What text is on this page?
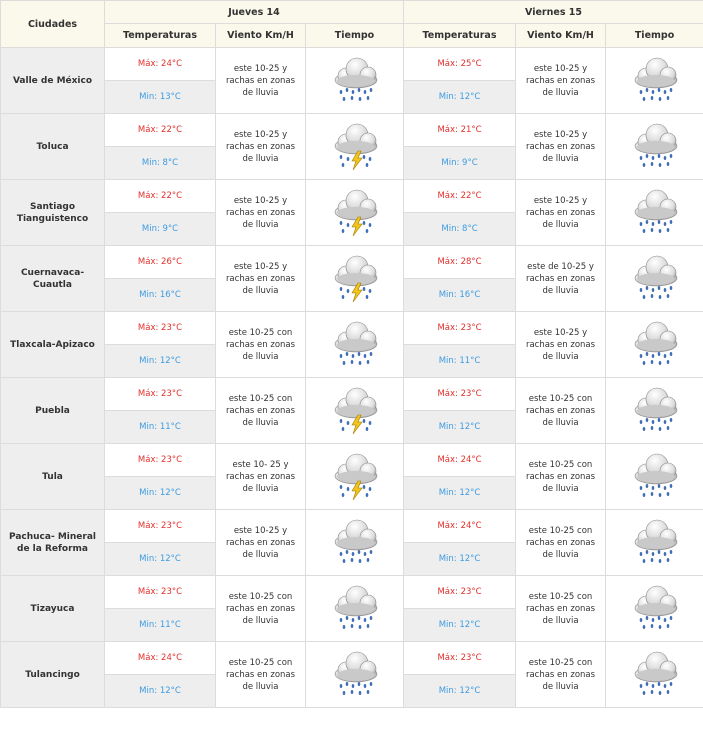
Ciudades	Jueves 14			Viernes 15		
	Temperaturas	Viento Km/H	Tiempo	Temperaturas	Viento Km/H	Tiempo
Valle de México	Máx: 24°C	este 10-25 y rachas en zonas de lluvia		Máx: 25°C	este 10-25 y rachas en zonas de lluvia	

	Min: 13°C			Min: 12°C		
Toluca	Máx: 22°C	este 10-25 y rachas en zonas de lluvia		Máx: 21°C	este 10-25 y rachas en zonas de lluvia	

	Min: 8°C			Min: 9°C		
Santiago Tianguistenco	Máx: 22°C	este 10-25 y rachas en zonas de lluvia		Máx: 22°C	este 10-25 y rachas en zonas de lluvia	

	Min: 9°C			Min: 8°C		
Cuernavaca-Cuautla	Máx: 26°C	este 10-25 y rachas en zonas de lluvia		Máx: 28°C	este de 10-25 y rachas en zonas de lluvia	

	Min: 16°C			Min: 16°C		
Tlaxcala-Apizaco	Máx: 23°C	este 10-25 con rachas en zonas de lluvia		Máx: 23°C	este 10-25 y rachas en zonas de lluvia	

	Min: 12°C			Min: 11°C		
Puebla	Máx: 23°C	este 10-25 con rachas en zonas de lluvia		Máx: 23°C	este 10-25 con rachas en zonas de lluvia	

	Min: 11°C			Min: 12°C		
Tula	Máx: 23°C	este 10- 25 y rachas en zonas de lluvia		Máx: 24°C	este 10-25 con rachas en zonas de lluvia	

	Min: 12°C			Min: 12°C		
Pachuca- Mineral de la Reforma	Máx: 23°C	este 10-25 y rachas en zonas de lluvia		Máx: 24°C	este 10-25 con rachas en zonas de lluvia	

	Min: 12°C			Min: 12°C		
Tizayuca	Máx: 23°C	este 10-25 con rachas en zonas de lluvia		Máx: 23°C	este 10-25 con rachas en zonas de lluvia	

	Min: 11°C			Min: 12°C		
Tulancingo	Máx: 24°C	este 10-25 con rachas en zonas de lluvia		Máx: 23°C	este 10-25 con rachas en zonas de lluvia	

	Min: 12°C			Min: 12°C		
